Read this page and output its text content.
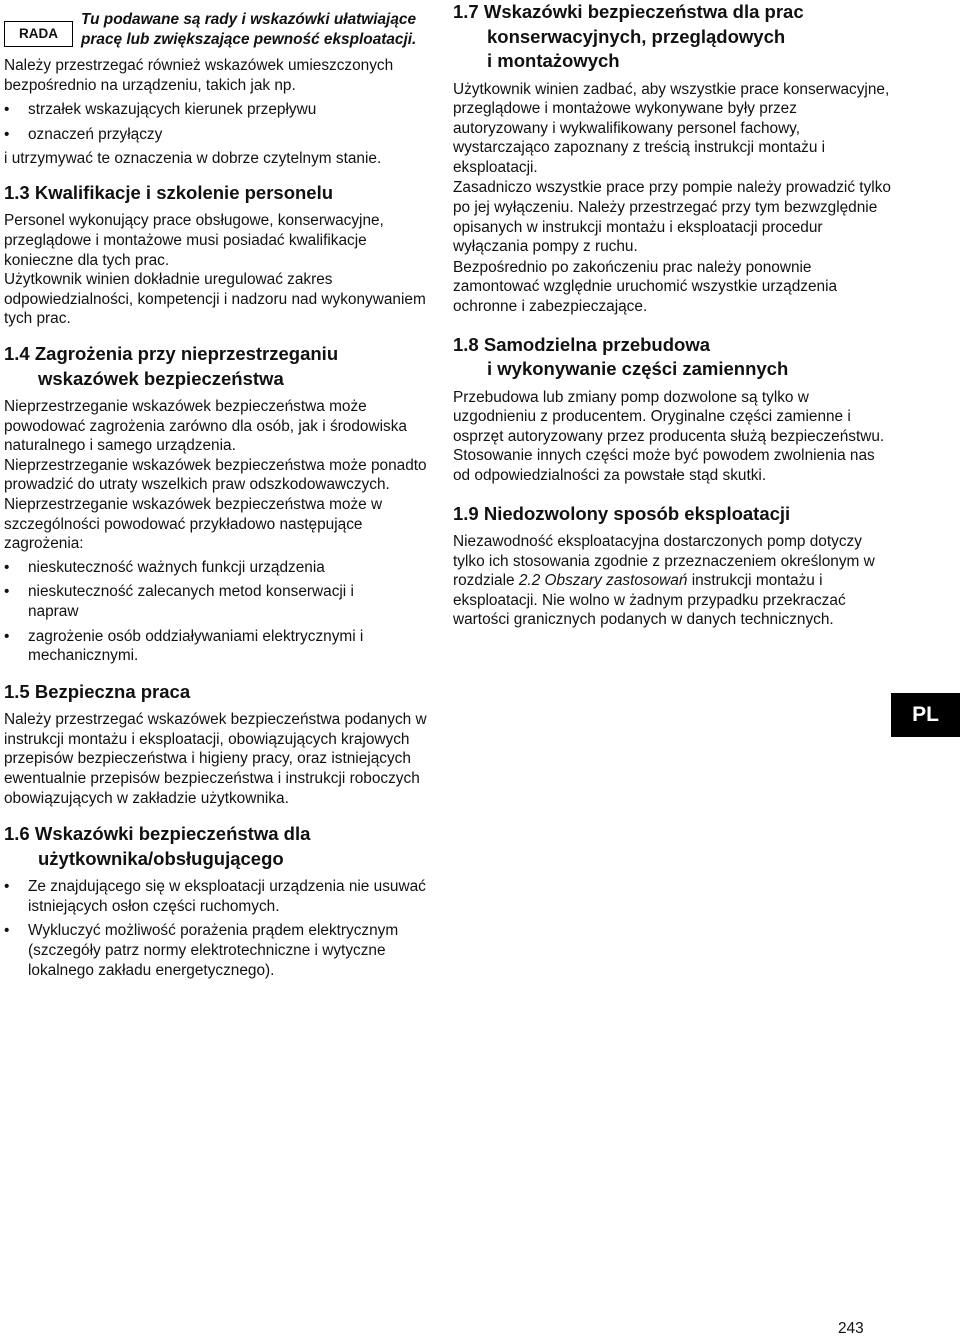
RADA
Tu podawane są rady i wskazówki ułatwiające pracę lub zwiększające pewność eksploatacji.

Należy przestrzegać również wskazówek umieszczonych bezpośrednio na urządzeniu, takich jak np.

• strzałek wskazujących kierunek przepływu
• oznaczeń przyłączy

i utrzymywać te oznaczenia w dobrze czytelnym stanie.

1.3 Kwalifikacje i szkolenie personelu

Personel wykonujący prace obsługowe, konserwacyjne, przeglądowe i montażowe musi posiadać kwalifikacje konieczne dla tych prac.

Użytkownik winien dokładnie uregulować zakres odpowiedzialności, kompetencji i nadzoru nad wykonywaniem tych prac.

1.4 Zagrożenia przy nieprzestrzeganiu
wskazówek bezpieczeństwa

Nieprzestrzeganie wskazówek bezpieczeństwa może powodować zagrożenia zarówno dla osób, jak i środowiska naturalnego i samego urządzenia.

Nieprzestrzeganie wskazówek bezpieczeństwa może ponadto prowadzić do utraty wszelkich praw odszkodowawczych.

Nieprzestrzeganie wskazówek bezpieczeństwa może w szczególności powodować przykładowo następujące zagrożenia:

• nieskuteczność ważnych funkcji urządzenia
• nieskuteczność zalecanych metod konserwacji i napraw
• zagrożenie osób oddziaływaniami elektrycznymi i mechanicznymi.
1.5 Bezpieczna praca

Należy przestrzegać wskazówek bezpieczeństwa podanych w instrukcji montażu i eksploatacji, obowiązujących krajowych przepisów bezpieczeństwa i higieny pracy, oraz istniejących ewentualnie przepisów bezpieczeństwa i instrukcji roboczych obowiązujących w zakładzie użytkownika.

1.6 Wskazówki bezpieczeństwa dla
użytkownika/obsługującego
• Ze znajdującego się w eksploatacji urządzenia nie usuwać istniejących osłon części ruchomych.
• Wykluczyć możliwość porażenia prądem elektrycznym (szczegóły patrz normy elektrotechniczne i wytyczne lokalnego zakładu energetycznego).
1.7 Wskazówki bezpieczeństwa dla prac
konserwacyjnych, przeglądowych
i montażowych

Użytkownik winien zadbać, aby wszystkie prace konserwacyjne, przeglądowe i montażowe wykonywane były przez autoryzowany i wykwalifikowany personel fachowy, wystarczająco zapoznany z treścią instrukcji montażu i eksploatacji.

Zasadniczo wszystkie prace przy pompie należy prowadzić tylko po jej wyłączeniu. Należy przestrzegać przy tym bezwzględnie opisanych w instrukcji montażu i eksploatacji procedur wyłączania pompy z ruchu.

Bezpośrednio po zakończeniu prac należy ponownie zamontować względnie uruchomić wszystkie urządzenia ochronne i zabezpieczające.

1.8 Samodzielna przebudowa
i wykonywanie części zamiennych

Przebudowa lub zmiany pomp dozwolone są tylko w uzgodnieniu z producentem. Oryginalne części zamienne i osprzęt autoryzowany przez producenta służą bezpieczeństwu. Stosowanie innych części może być powodem zwolnienia nas od odpowiedzialności za powstałe stąd skutki.

1.9 Niedozwolony sposób eksploatacji

Niezawodność eksploatacyjna dostarczonych pomp dotyczy tylko ich stosowania zgodnie z przeznaczeniem określonym w rozdziale 2.2 Obszary zastosowań instrukcji montażu i eksploatacji. Nie wolno w żadnym przypadku przekraczać wartości granicznych podanych w danych technicznych.

PL
243
